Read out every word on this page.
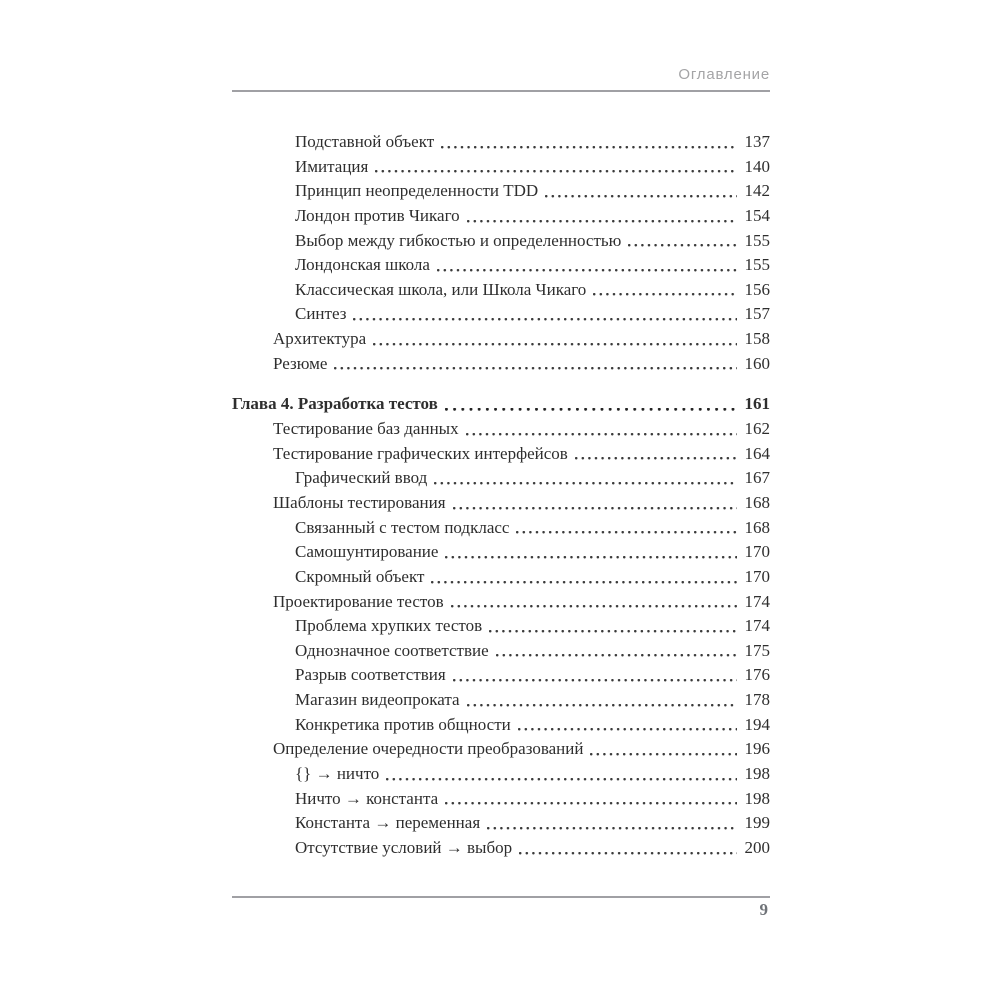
Оглавление
Подставной объект	137
Имитация	140
Принцип неопределенности TDD	142
Лондон против Чикаго	154
Выбор между гибкостью и определенностью	155
Лондонская школа	155
Классическая школа, или Школа Чикаго	156
Синтез	157
Архитектура	158
Резюме	160
Глава 4. Разработка тестов	161
Тестирование баз данных	162
Тестирование графических интерфейсов	164
Графический ввод	167
Шаблоны тестирования	168
Связанный с тестом подкласс	168
Самошунтирование	170
Скромный объект	170
Проектирование тестов	174
Проблема хрупких тестов	174
Однозначное соответствие	175
Разрыв соответствия	176
Магазин видеопроката	178
Конкретика против общности	194
Определение очередности преобразований	196
{} → ничто	198
Ничто → константа	198
Константа → переменная	199
Отсутствие условий → выбор	200
9
